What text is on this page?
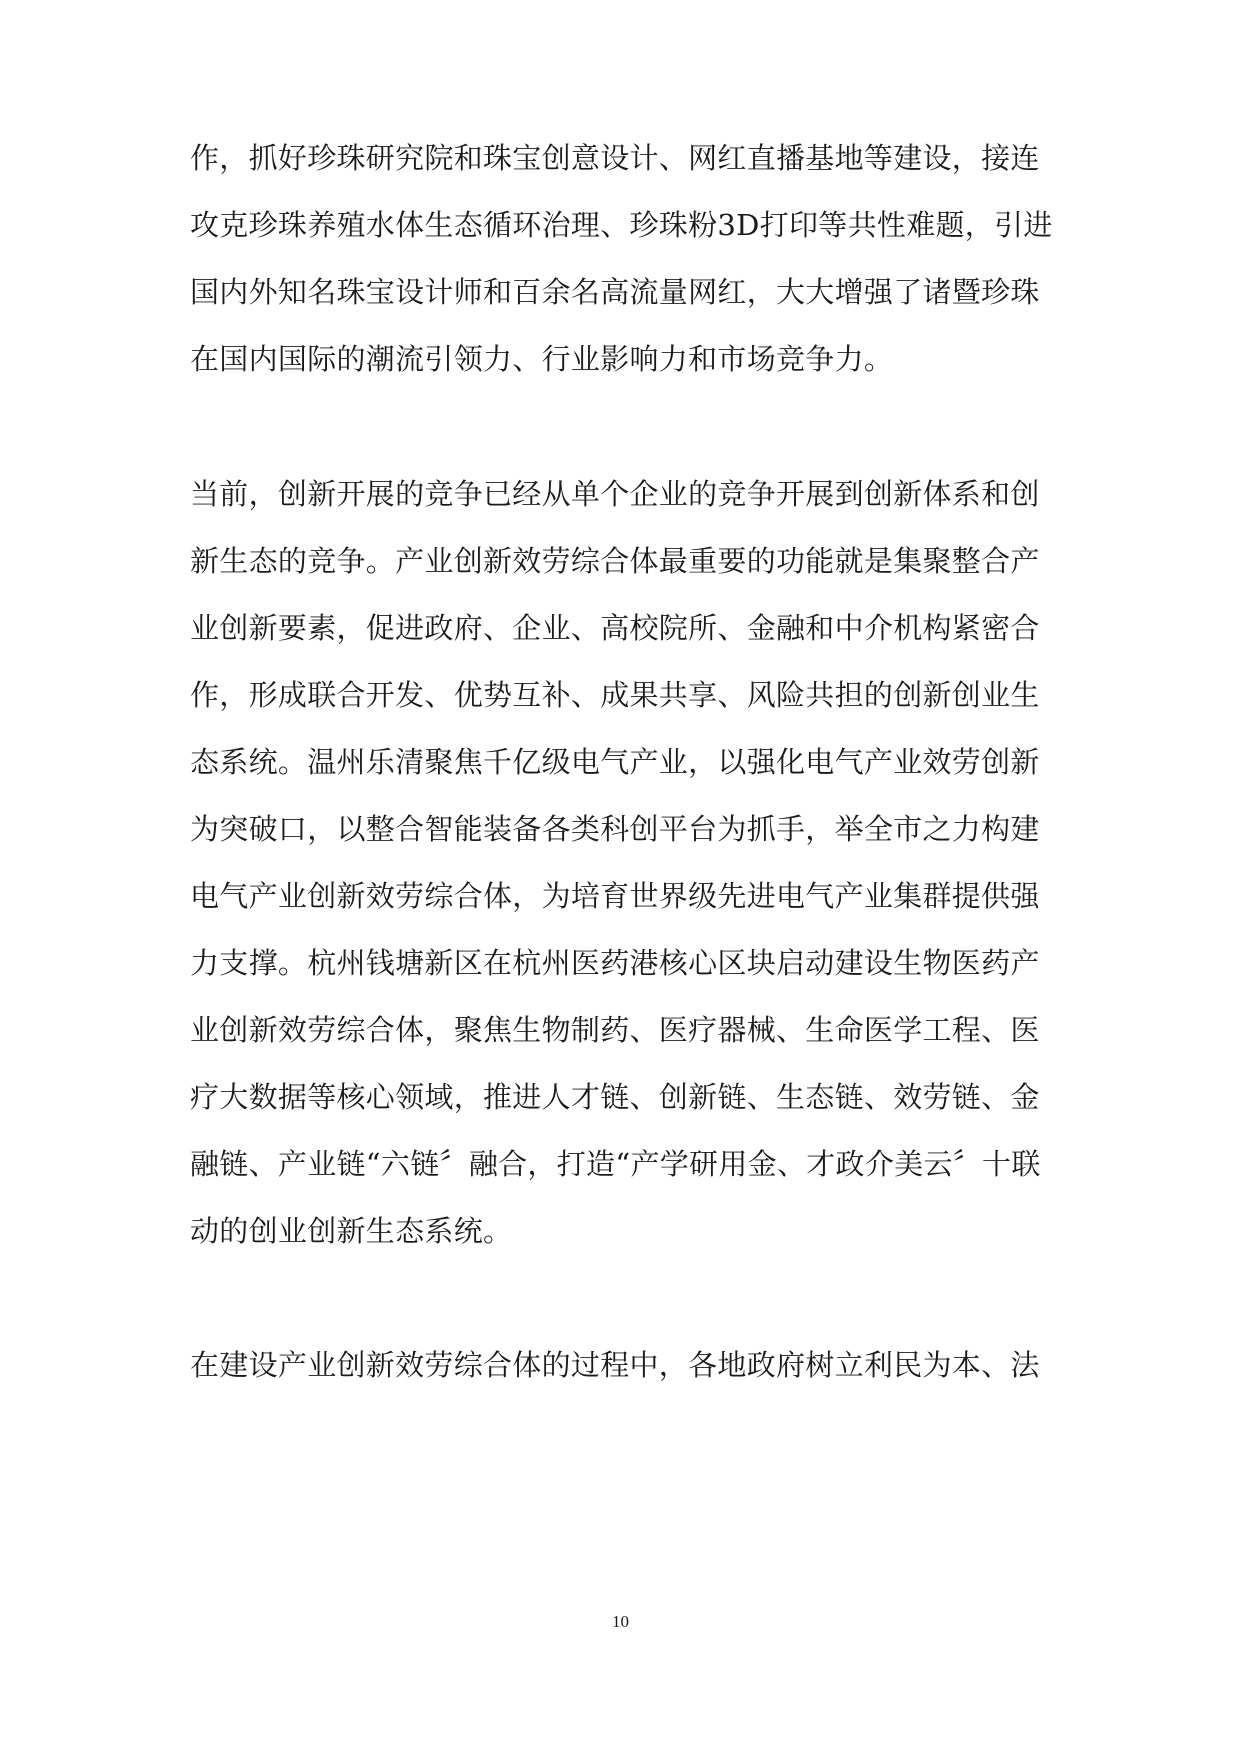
作，抓好珍珠研究院和珠宝创意设计、网红直播基地等建设，接连
攻克珍珠养殖水体生态循环治理、珍珠粉3D打印等共性难题，引进
国内外知名珠宝设计师和百余名高流量网红，大大增强了诸暨珍珠
在国内国际的潮流引领力、行业影响力和市场竞争力。
当前，创新开展的竞争已经从单个企业的竞争开展到创新体系和创
新生态的竞争。产业创新效劳综合体最重要的功能就是集聚整合产
业创新要素，促进政府、企业、高校院所、金融和中介机构紧密合
作，形成联合开发、优势互补、成果共享、风险共担的创新创业生
态系统。温州乐清聚焦千亿级电气产业，以强化电气产业效劳创新
为突破口，以整合智能装备各类科创平台为抓手，举全市之力构建
电气产业创新效劳综合体，为培育世界级先进电气产业集群提供强
力支撑。杭州钱塘新区在杭州医药港核心区块启动建设生物医药产
业创新效劳综合体，聚焦生物制药、医疗器械、生命医学工程、医
疗大数据等核心领域，推进人才链、创新链、生态链、效劳链、金
融链、产业链“六链〞融合，打造“产学研用金、才政介美云〞十联
动的创业创新生态系统。
在建设产业创新效劳综合体的过程中，各地政府树立利民为本、法
10
